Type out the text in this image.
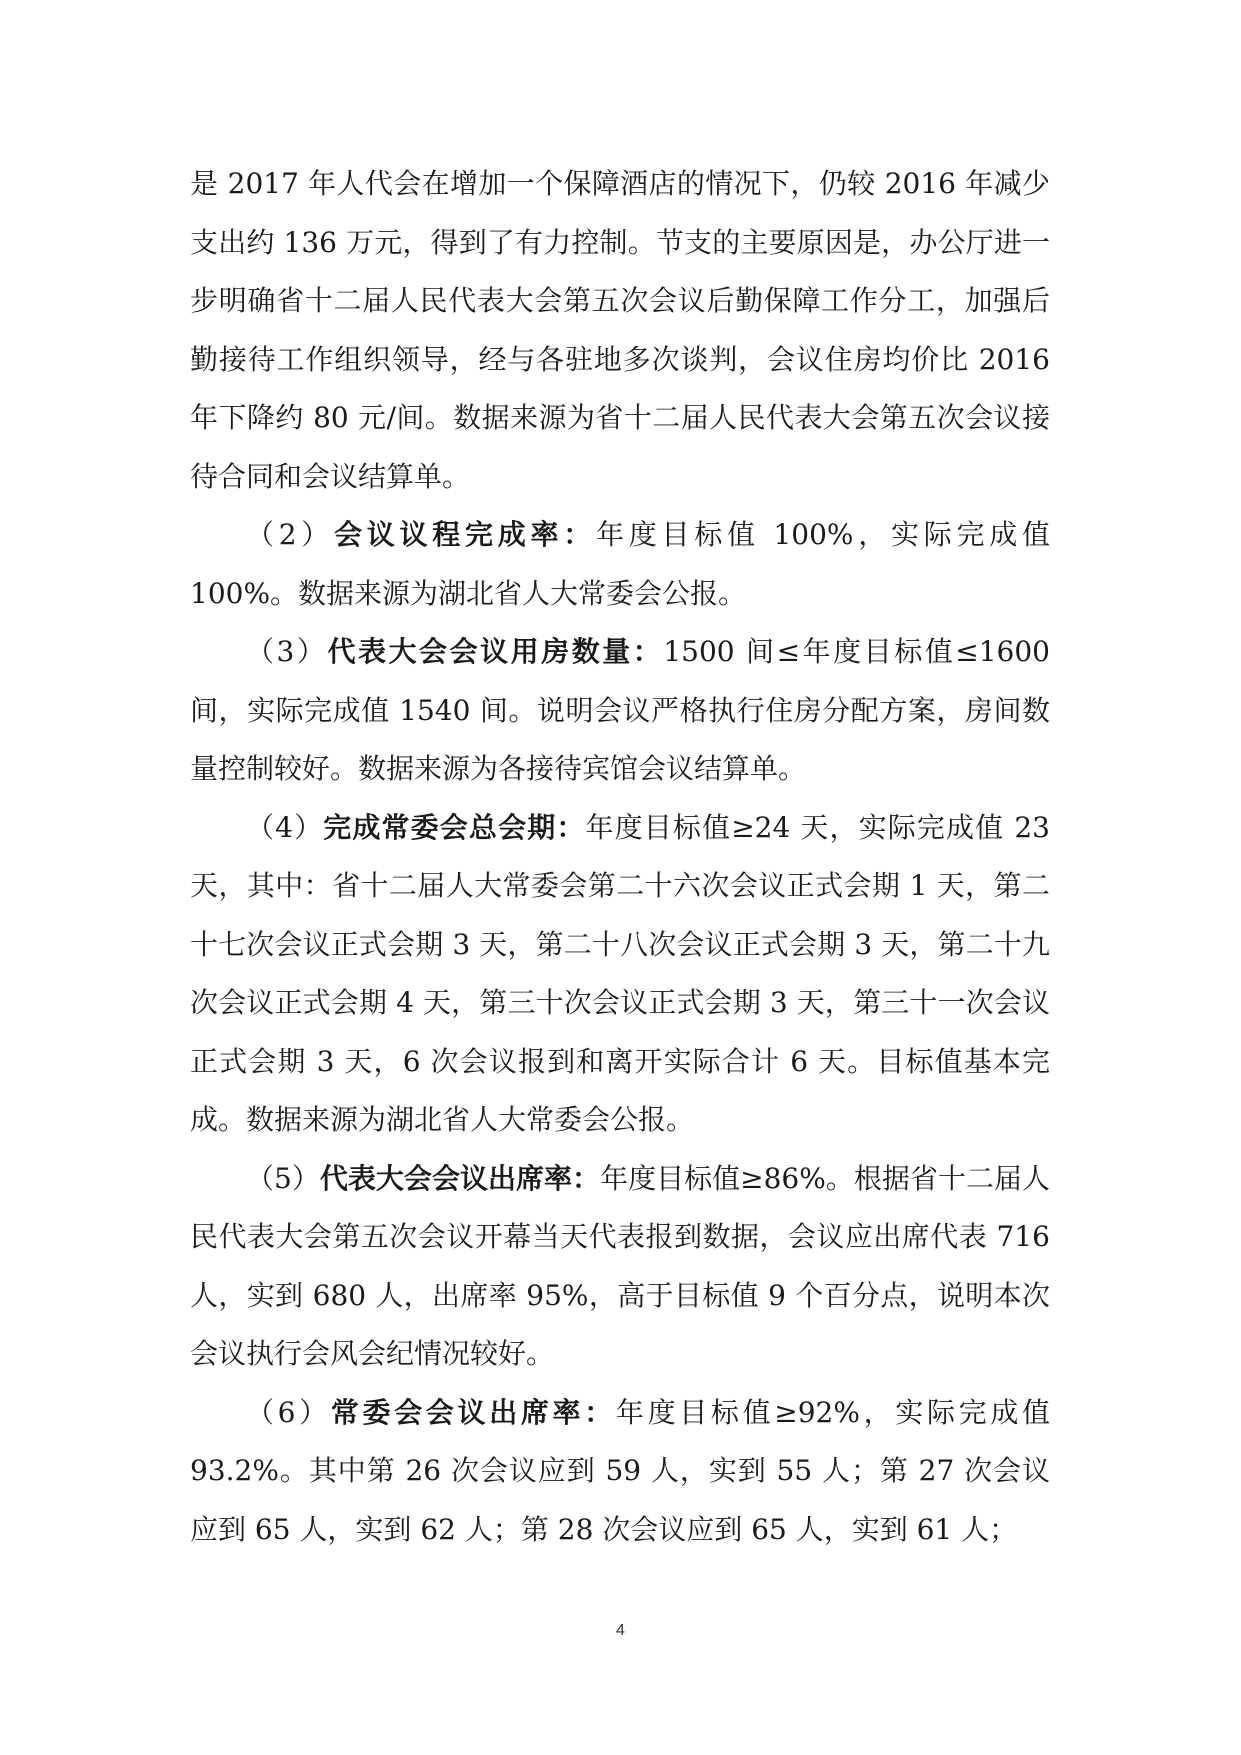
是 2017 年人代会在增加一个保障酒店的情况下，仍较 2016 年减少支出约 136 万元，得到了有力控制。节支的主要原因是，办公厅进一步明确省十二届人民代表大会第五次会议后勤保障工作分工，加强后勤接待工作组织领导，经与各驻地多次谈判，会议住房均价比 2016 年下降约 80 元/间。数据来源为省十二届人民代表大会第五次会议接待合同和会议结算单。

（2）会议议程完成率：年度目标值 100%，实际完成值 100%。数据来源为湖北省人大常委会公报。

（3）代表大会会议用房数量：1500 间≤年度目标值≤1600 间，实际完成值 1540 间。说明会议严格执行住房分配方案，房间数量控制较好。数据来源为各接待宾馆会议结算单。

（4）完成常委会总会期：年度目标值≥24 天，实际完成值 23 天，其中：省十二届人大常委会第二十六次会议正式会期 1 天，第二十七次会议正式会期 3 天，第二十八次会议正式会期 3 天，第二十九次会议正式会期 4 天，第三十次会议正式会期 3 天，第三十一次会议正式会期 3 天，6 次会议报到和离开实际合计 6 天。目标值基本完成。数据来源为湖北省人大常委会公报。

（5）代表大会会议出席率：年度目标值≥86%。根据省十二届人民代表大会第五次会议开幕当天代表报到数据，会议应出席代表 716 人，实到 680 人，出席率 95%，高于目标值 9 个百分点，说明本次会议执行会风会纪情况较好。

（6）常委会会议出席率：年度目标值≥92%，实际完成值 93.2%。其中第 26 次会议应到 59 人，实到 55 人；第 27 次会议应到 65 人，实到 62 人；第 28 次会议应到 65 人，实到 61 人；

4
